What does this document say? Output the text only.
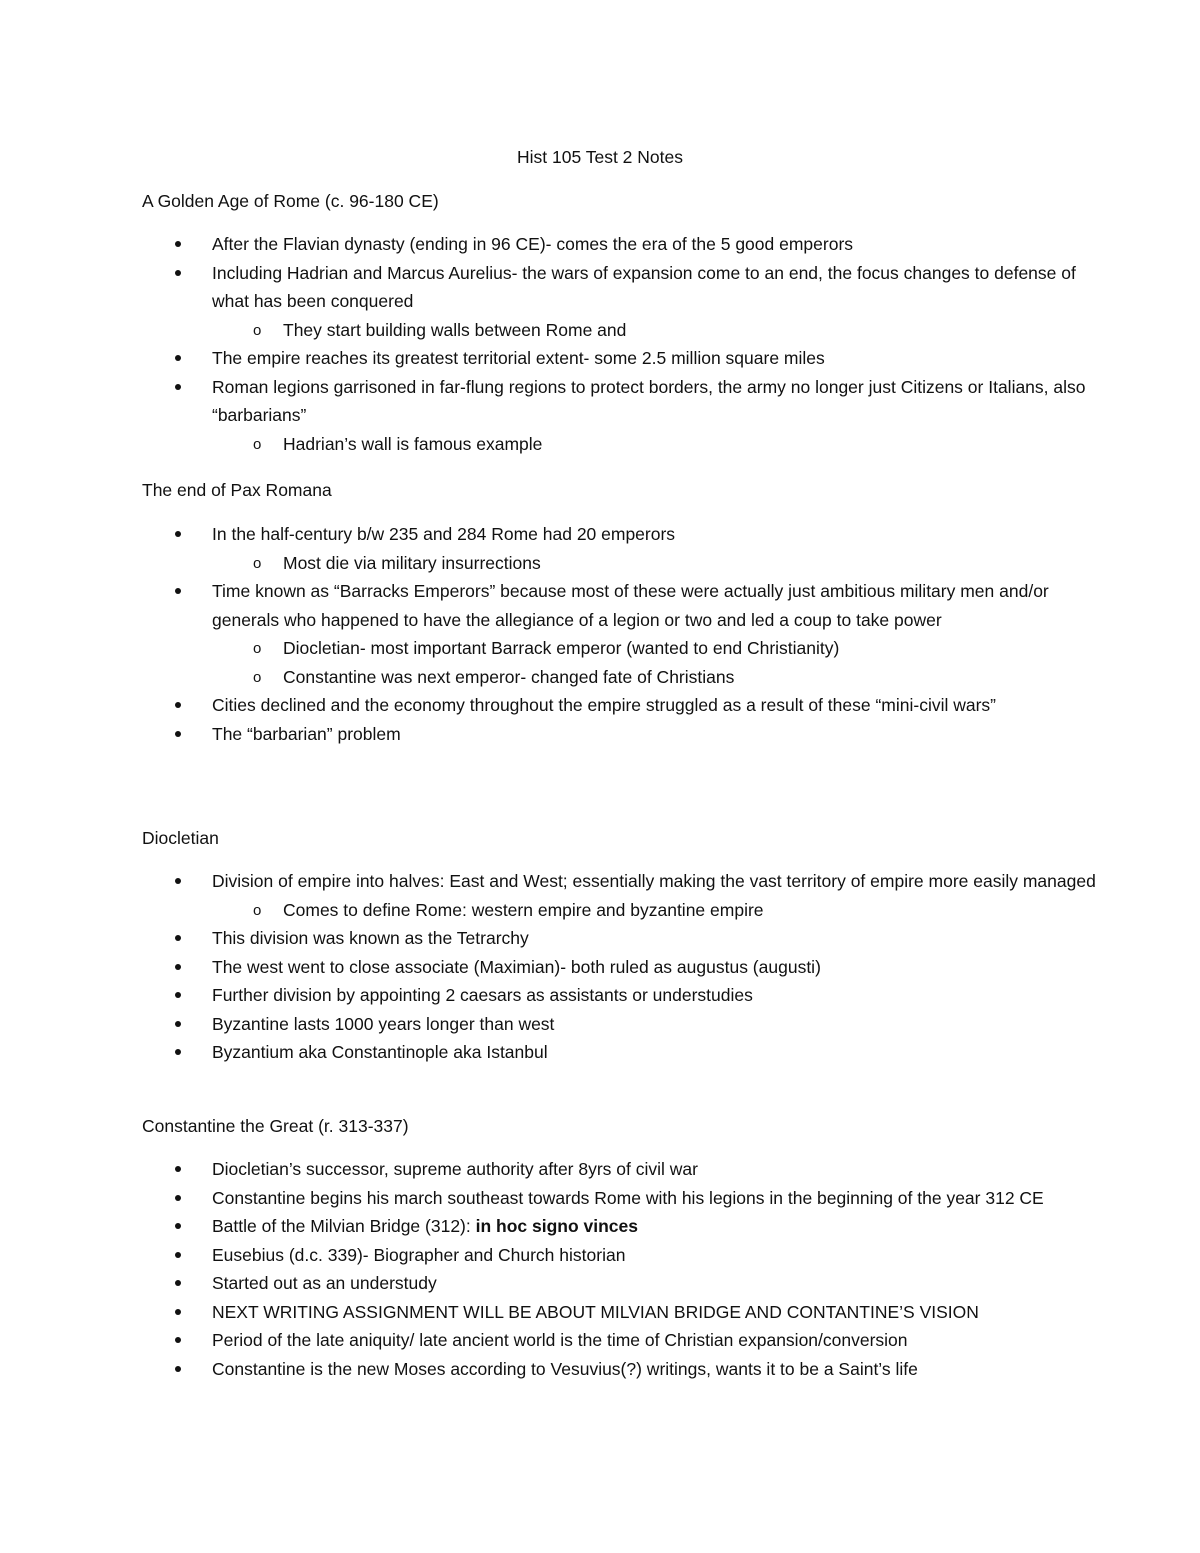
Hist 105 Test 2 Notes
A Golden Age of Rome (c. 96-180 CE)
After the Flavian dynasty (ending in 96 CE)- comes the era of the 5 good emperors
Including Hadrian and Marcus Aurelius- the wars of expansion come to an end, the focus changes to defense of what has been conquered
o They start building walls between Rome and
The empire reaches its greatest territorial extent- some 2.5 million square miles
Roman legions garrisoned in far-flung regions to protect borders, the army no longer just Citizens or Italians, also “barbarians”
o Hadrian’s wall is famous example
The end of Pax Romana
In the half-century b/w 235 and 284 Rome had 20 emperors
o Most die via military insurrections
Time known as “Barracks Emperors” because most of these were actually just ambitious military men and/or generals who happened to have the allegiance of a legion or two and led a coup to take power
o Diocletian- most important Barrack emperor (wanted to end Christianity)
o Constantine was next emperor- changed fate of Christians
Cities declined and the economy throughout the empire struggled as a result of these “mini-civil wars”
The “barbarian” problem
Diocletian
Division of empire into halves: East and West; essentially making the vast territory of empire more easily managed
o Comes to define Rome: western empire and byzantine empire
This division was known as the Tetrarchy
The west went to close associate (Maximian)- both ruled as augustus (augusti)
Further division by appointing 2 caesars as assistants or understudies
Byzantine lasts 1000 years longer than west
Byzantium aka Constantinople aka Istanbul
Constantine the Great (r. 313-337)
Diocletian’s successor, supreme authority after 8yrs of civil war
Constantine begins his march southeast towards Rome with his legions in the beginning of the year 312 CE
Battle of the Milvian Bridge (312): in hoc signo vinces
Eusebius (d.c. 339)- Biographer and Church historian
Started out as an understudy
NEXT WRITING ASSIGNMENT WILL BE ABOUT MILVIAN BRIDGE AND CONTANTINE’S VISION
Period of the late aniquity/ late ancient world is the time of Christian expansion/conversion
Constantine is the new Moses according to Vesuvius(?) writings, wants it to be a Saint’s life
